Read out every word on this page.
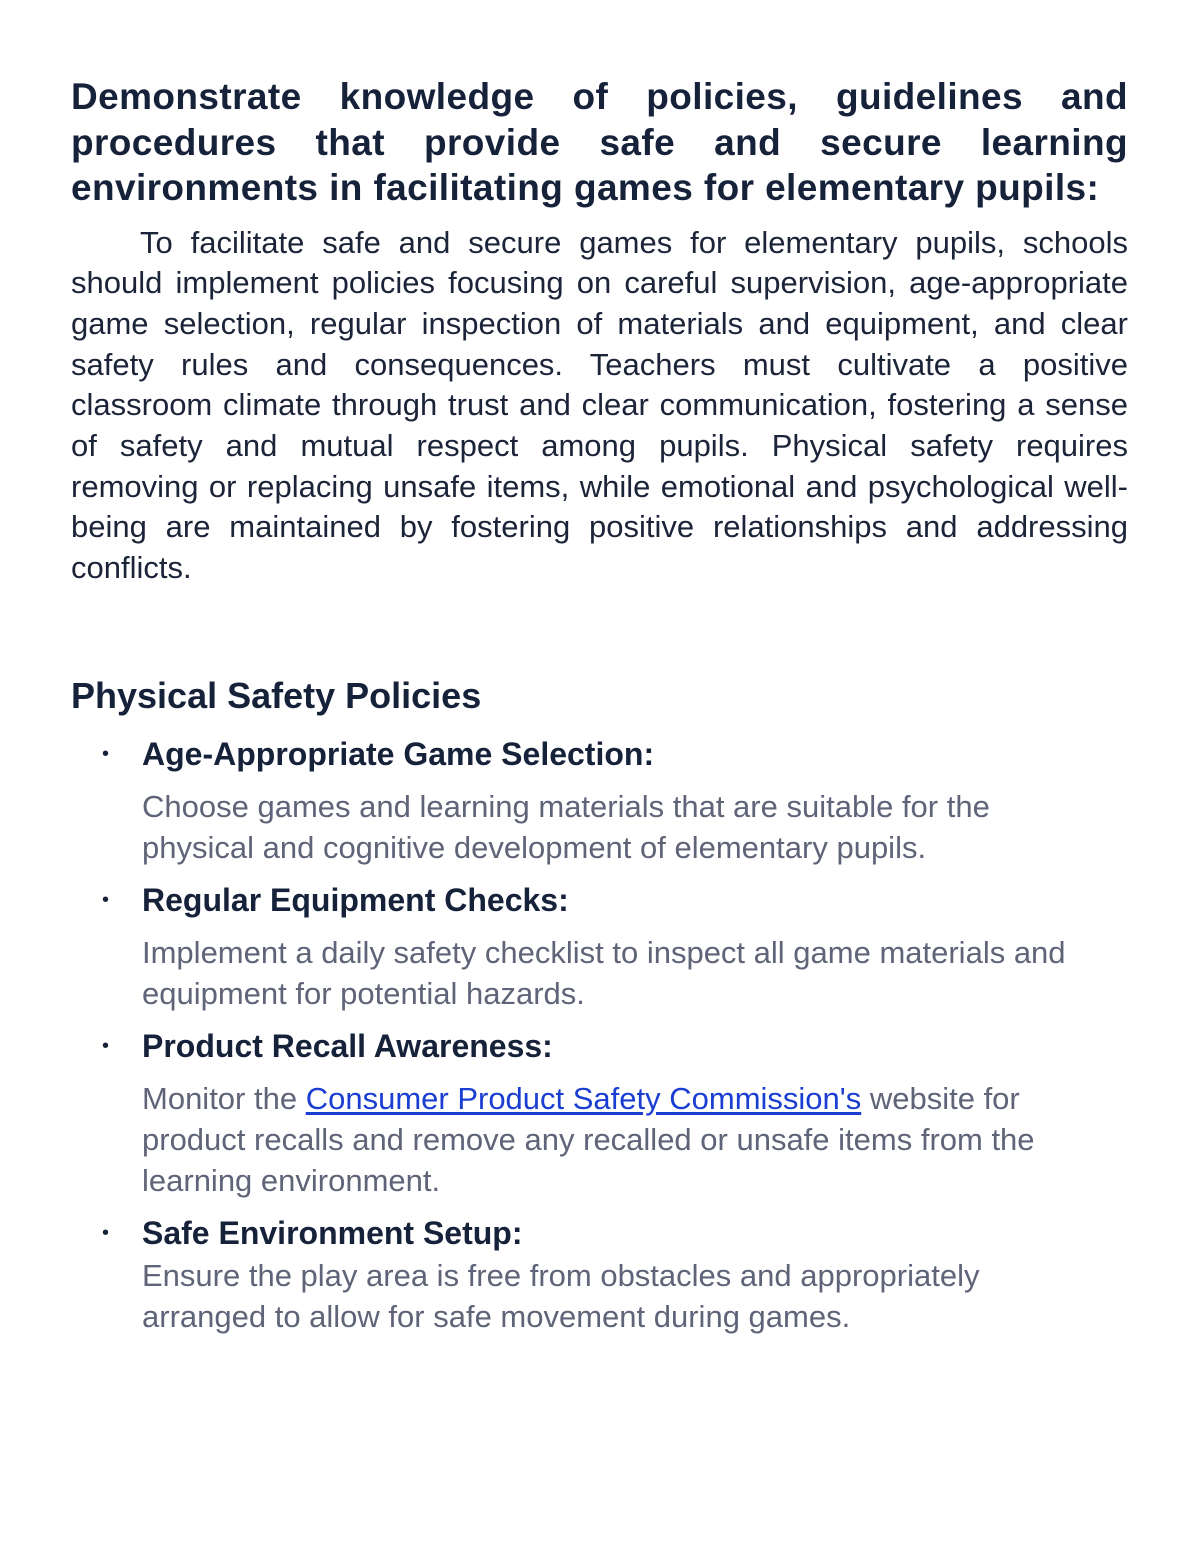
Demonstrate knowledge of policies, guidelines and procedures that provide safe and secure learning environments in facilitating games for elementary pupils:

To facilitate safe and secure games for elementary pupils, schools should implement policies focusing on careful supervision, age-appropriate game selection, regular inspection of materials and equipment, and clear safety rules and consequences. Teachers must cultivate a positive classroom climate through trust and clear communication, fostering a sense of safety and mutual respect among pupils. Physical safety requires removing or replacing unsafe items, while emotional and psychological well-being are maintained by fostering positive relationships and addressing conflicts.

Physical Safety Policies
• Age-Appropriate Game Selection:
Choose games and learning materials that are suitable for the physical and cognitive development of elementary pupils.
• Regular Equipment Checks:
Implement a daily safety checklist to inspect all game materials and equipment for potential hazards.
• Product Recall Awareness:
Monitor the Consumer Product Safety Commission's website for product recalls and remove any recalled or unsafe items from the learning environment.
• Safe Environment Setup:
Ensure the play area is free from obstacles and appropriately arranged to allow for safe movement during games.
